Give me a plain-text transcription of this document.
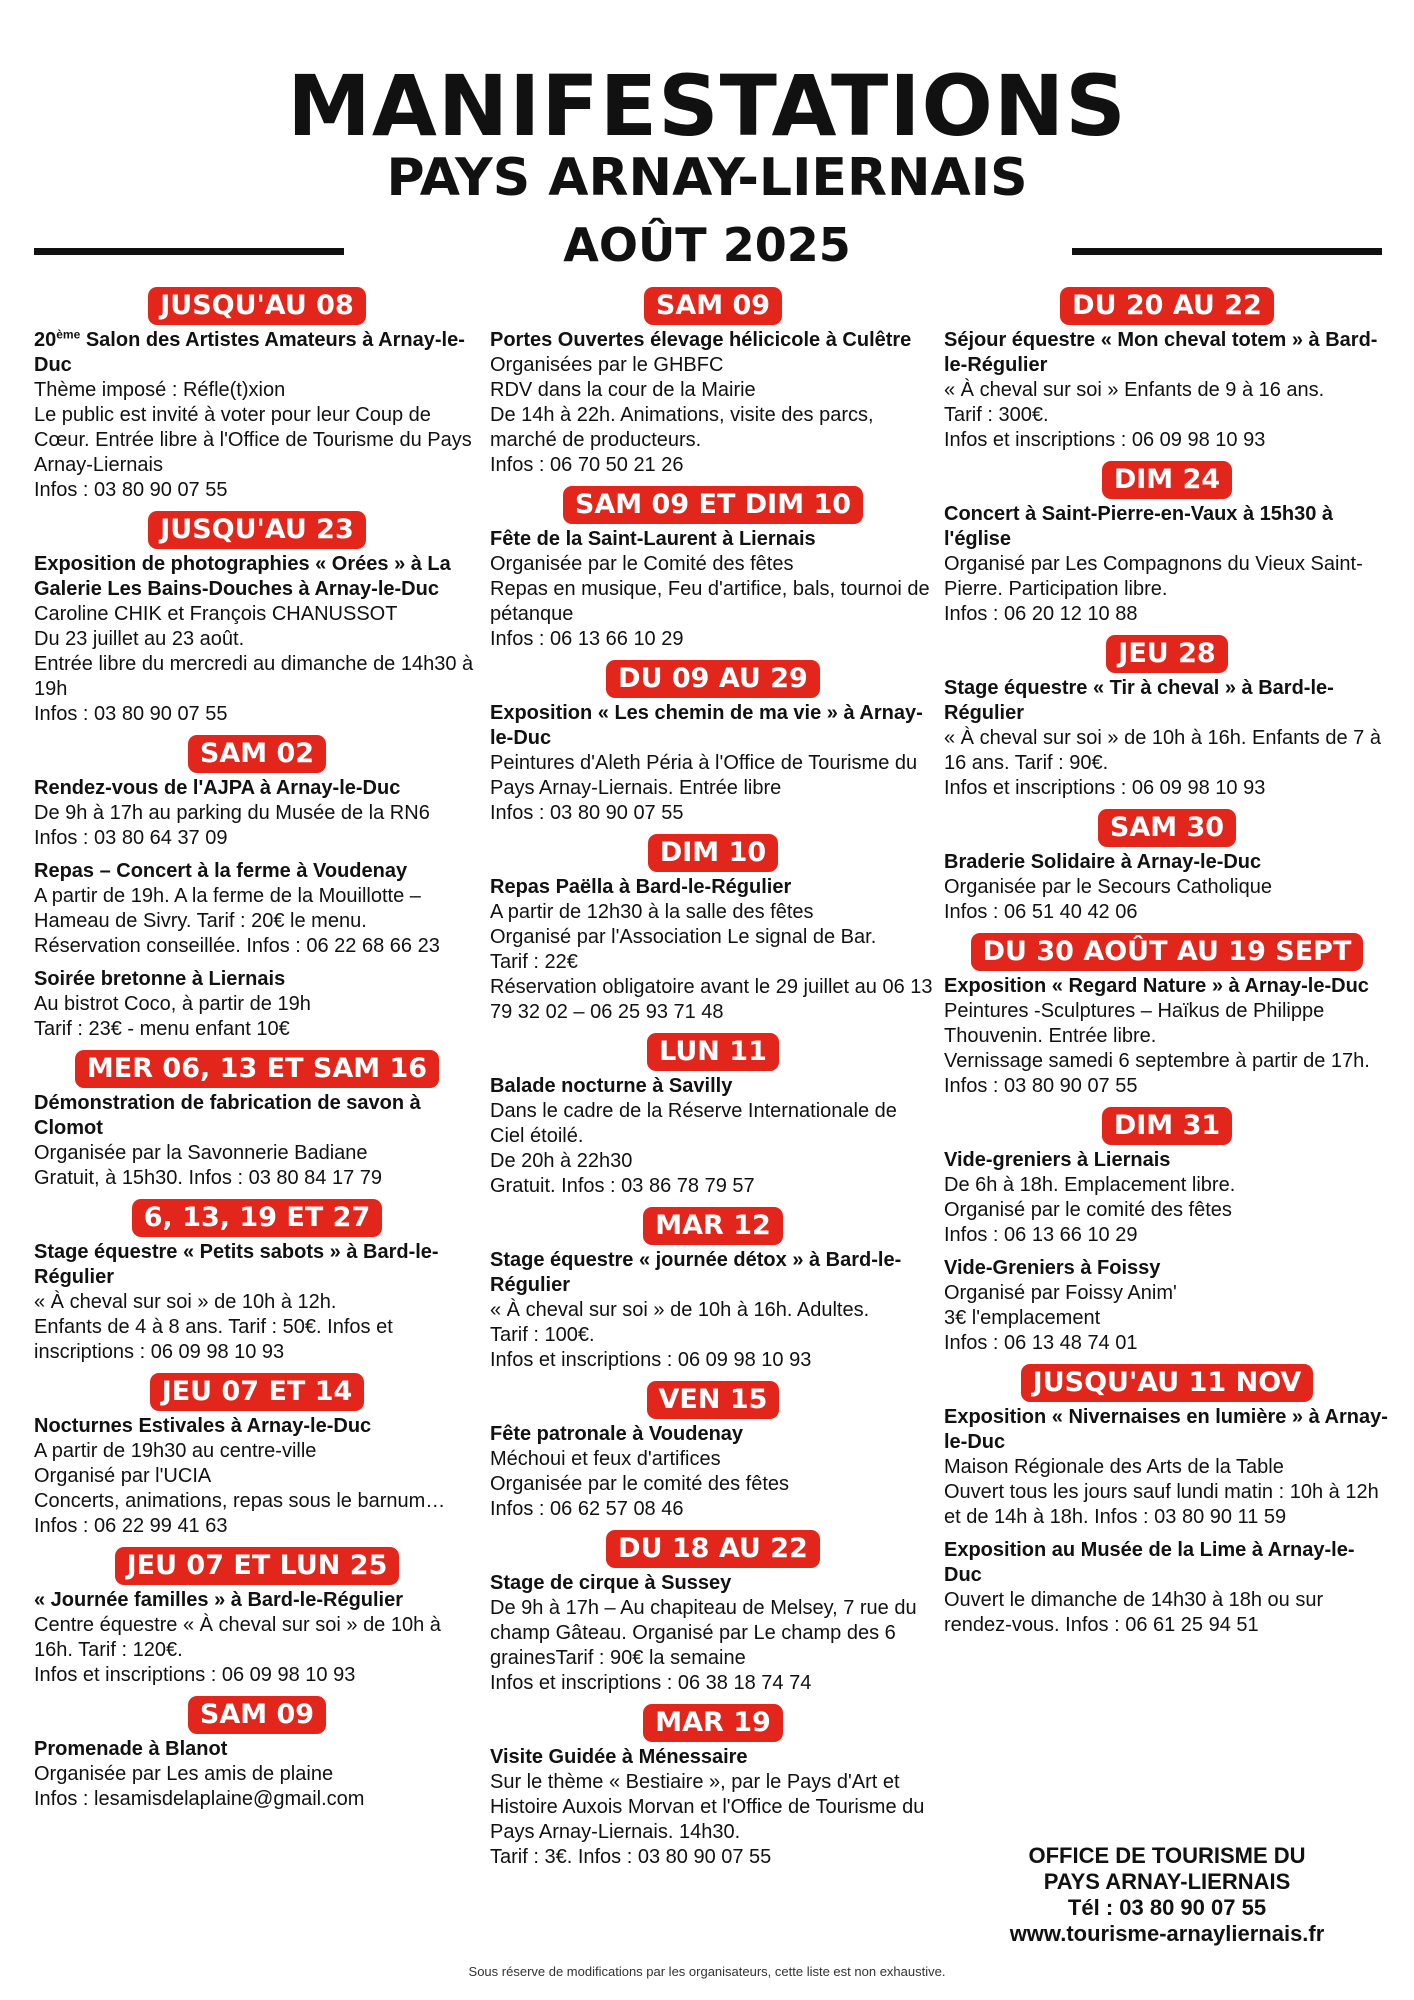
MANIFESTATIONS
PAYS ARNAY-LIERNAIS
AOÛT 2025
JUSQU'AU 08
20ème Salon des Artistes Amateurs à Arnay-le-Duc
Thème imposé : Réfle(t)xion
Le public est invité à voter pour leur Coup de Cœur. Entrée libre à l'Office de Tourisme du Pays Arnay-Liernais
Infos : 03 80 90 07 55
JUSQU'AU 23
Exposition de photographies « Orées » à La Galerie Les Bains-Douches à Arnay-le-Duc
Caroline CHIK et François CHANUSSOT
Du 23 juillet au 23 août.
Entrée libre du mercredi au dimanche de 14h30 à 19h
Infos : 03 80 90 07 55
SAM 02
Rendez-vous de l'AJPA à Arnay-le-Duc
De 9h à 17h au parking du Musée de la RN6
Infos : 03 80 64 37 09
Repas – Concert à la ferme à Voudenay
A partir de 19h. A la ferme de la Mouillotte – Hameau de Sivry. Tarif : 20€ le menu.
Réservation conseillée. Infos : 06 22 68 66 23
Soirée bretonne à Liernais
Au bistrot Coco, à partir de 19h
Tarif : 23€ - menu enfant 10€
MER 06, 13 ET SAM 16
Démonstration de fabrication de savon à Clomot
Organisée par la Savonnerie Badiane
Gratuit, à 15h30. Infos : 03 80 84 17 79
6, 13, 19 ET 27
Stage équestre « Petits sabots » à Bard-le-Régulier
« À cheval sur soi » de 10h à 12h.
Enfants de 4 à 8 ans. Tarif : 50€. Infos et inscriptions : 06 09 98 10 93
JEU 07 ET 14
Nocturnes Estivales à Arnay-le-Duc
A partir de 19h30 au centre-ville
Organisé par l'UCIA
Concerts, animations, repas sous le barnum… Infos : 06 22 99 41 63
JEU 07 ET LUN 25
« Journée familles » à Bard-le-Régulier
Centre équestre « À cheval sur soi » de 10h à 16h. Tarif : 120€.
Infos et inscriptions : 06 09 98 10 93
SAM 09
Promenade à Blanot
Organisée par Les amis de plaine
Infos : lesamisdelaplaine@gmail.com
SAM 09
Portes Ouvertes élevage hélicicole à Culêtre
Organisées par le GHBFC
RDV dans la cour de la Mairie
De 14h à 22h. Animations, visite des parcs, marché de producteurs.
Infos : 06 70 50 21 26
SAM 09 ET DIM 10
Fête de la Saint-Laurent à Liernais
Organisée par le Comité des fêtes
Repas en musique, Feu d'artifice, bals, tournoi de pétanque
Infos : 06 13 66 10 29
DU 09 AU 29
Exposition « Les chemin de ma vie » à Arnay-le-Duc
Peintures d'Aleth Péria à l'Office de Tourisme du Pays Arnay-Liernais. Entrée libre
Infos : 03 80 90 07 55
DIM 10
Repas Paëlla à Bard-le-Régulier
A partir de 12h30 à la salle des fêtes
Organisé par l'Association Le signal de Bar.
Tarif : 22€
Réservation obligatoire avant le 29 juillet au 06 13 79 32 02 – 06 25 93 71 48
LUN 11
Balade nocturne à Savilly
Dans le cadre de la Réserve Internationale de Ciel étoilé.
De 20h à 22h30
Gratuit. Infos : 03 86 78 79 57
MAR 12
Stage équestre « journée détox » à Bard-le-Régulier
« À cheval sur soi » de 10h à 16h. Adultes.
Tarif : 100€.
Infos et inscriptions : 06 09 98 10 93
VEN 15
Fête patronale à Voudenay
Méchoui et feux d'artifices
Organisée par le comité des fêtes
Infos : 06 62 57 08 46
DU 18 AU 22
Stage de cirque à Sussey
De 9h à 17h – Au chapiteau de Melsey, 7 rue du champ Gâteau. Organisé par Le champ des 6 grainesTarif : 90€ la semaine
Infos et inscriptions : 06 38 18 74 74
MAR 19
Visite Guidée à Ménessaire
Sur le thème « Bestiaire », par le Pays d'Art et Histoire Auxois Morvan et l'Office de Tourisme du Pays Arnay-Liernais. 14h30.
Tarif : 3€. Infos : 03 80 90 07 55
DU 20 AU 22
Séjour équestre « Mon cheval totem » à Bard-le-Régulier
« À cheval sur soi » Enfants de 9 à 16 ans.
Tarif : 300€.
Infos et inscriptions : 06 09 98 10 93
DIM 24
Concert à Saint-Pierre-en-Vaux à 15h30 à l'église
Organisé par Les Compagnons du Vieux Saint-Pierre. Participation libre.
Infos : 06 20 12 10 88
JEU 28
Stage équestre « Tir à cheval » à Bard-le-Régulier
« À cheval sur soi » de 10h à 16h. Enfants de 7 à 16 ans. Tarif : 90€.
Infos et inscriptions : 06 09 98 10 93
SAM 30
Braderie Solidaire à Arnay-le-Duc
Organisée par le Secours Catholique
Infos : 06 51 40 42 06
DU 30 AOÛT AU 19 SEPT
Exposition « Regard Nature » à Arnay-le-Duc
Peintures -Sculptures – Haïkus de Philippe Thouvenin. Entrée libre.
Vernissage samedi 6 septembre à partir de 17h. Infos : 03 80 90 07 55
DIM 31
Vide-greniers à Liernais
De 6h à 18h. Emplacement libre.
Organisé par le comité des fêtes
Infos : 06 13 66 10 29
Vide-Greniers à Foissy
Organisé par Foissy Anim'
3€ l'emplacement
Infos : 06 13 48 74 01
JUSQU'AU 11 NOV
Exposition « Nivernaises en lumière » à Arnay-le-Duc
Maison Régionale des Arts de la Table
Ouvert tous les jours sauf lundi matin : 10h à 12h et de 14h à 18h. Infos : 03 80 90 11 59
Exposition au Musée de la Lime à Arnay-le-Duc
Ouvert le dimanche de 14h30 à 18h ou sur rendez-vous. Infos : 06 61 25 94 51
OFFICE DE TOURISME DU
PAYS ARNAY-LIERNAIS
Tél : 03 80 90 07 55
www.tourisme-arnayliernais.fr
Sous réserve de modifications par les organisateurs, cette liste est non exhaustive.
